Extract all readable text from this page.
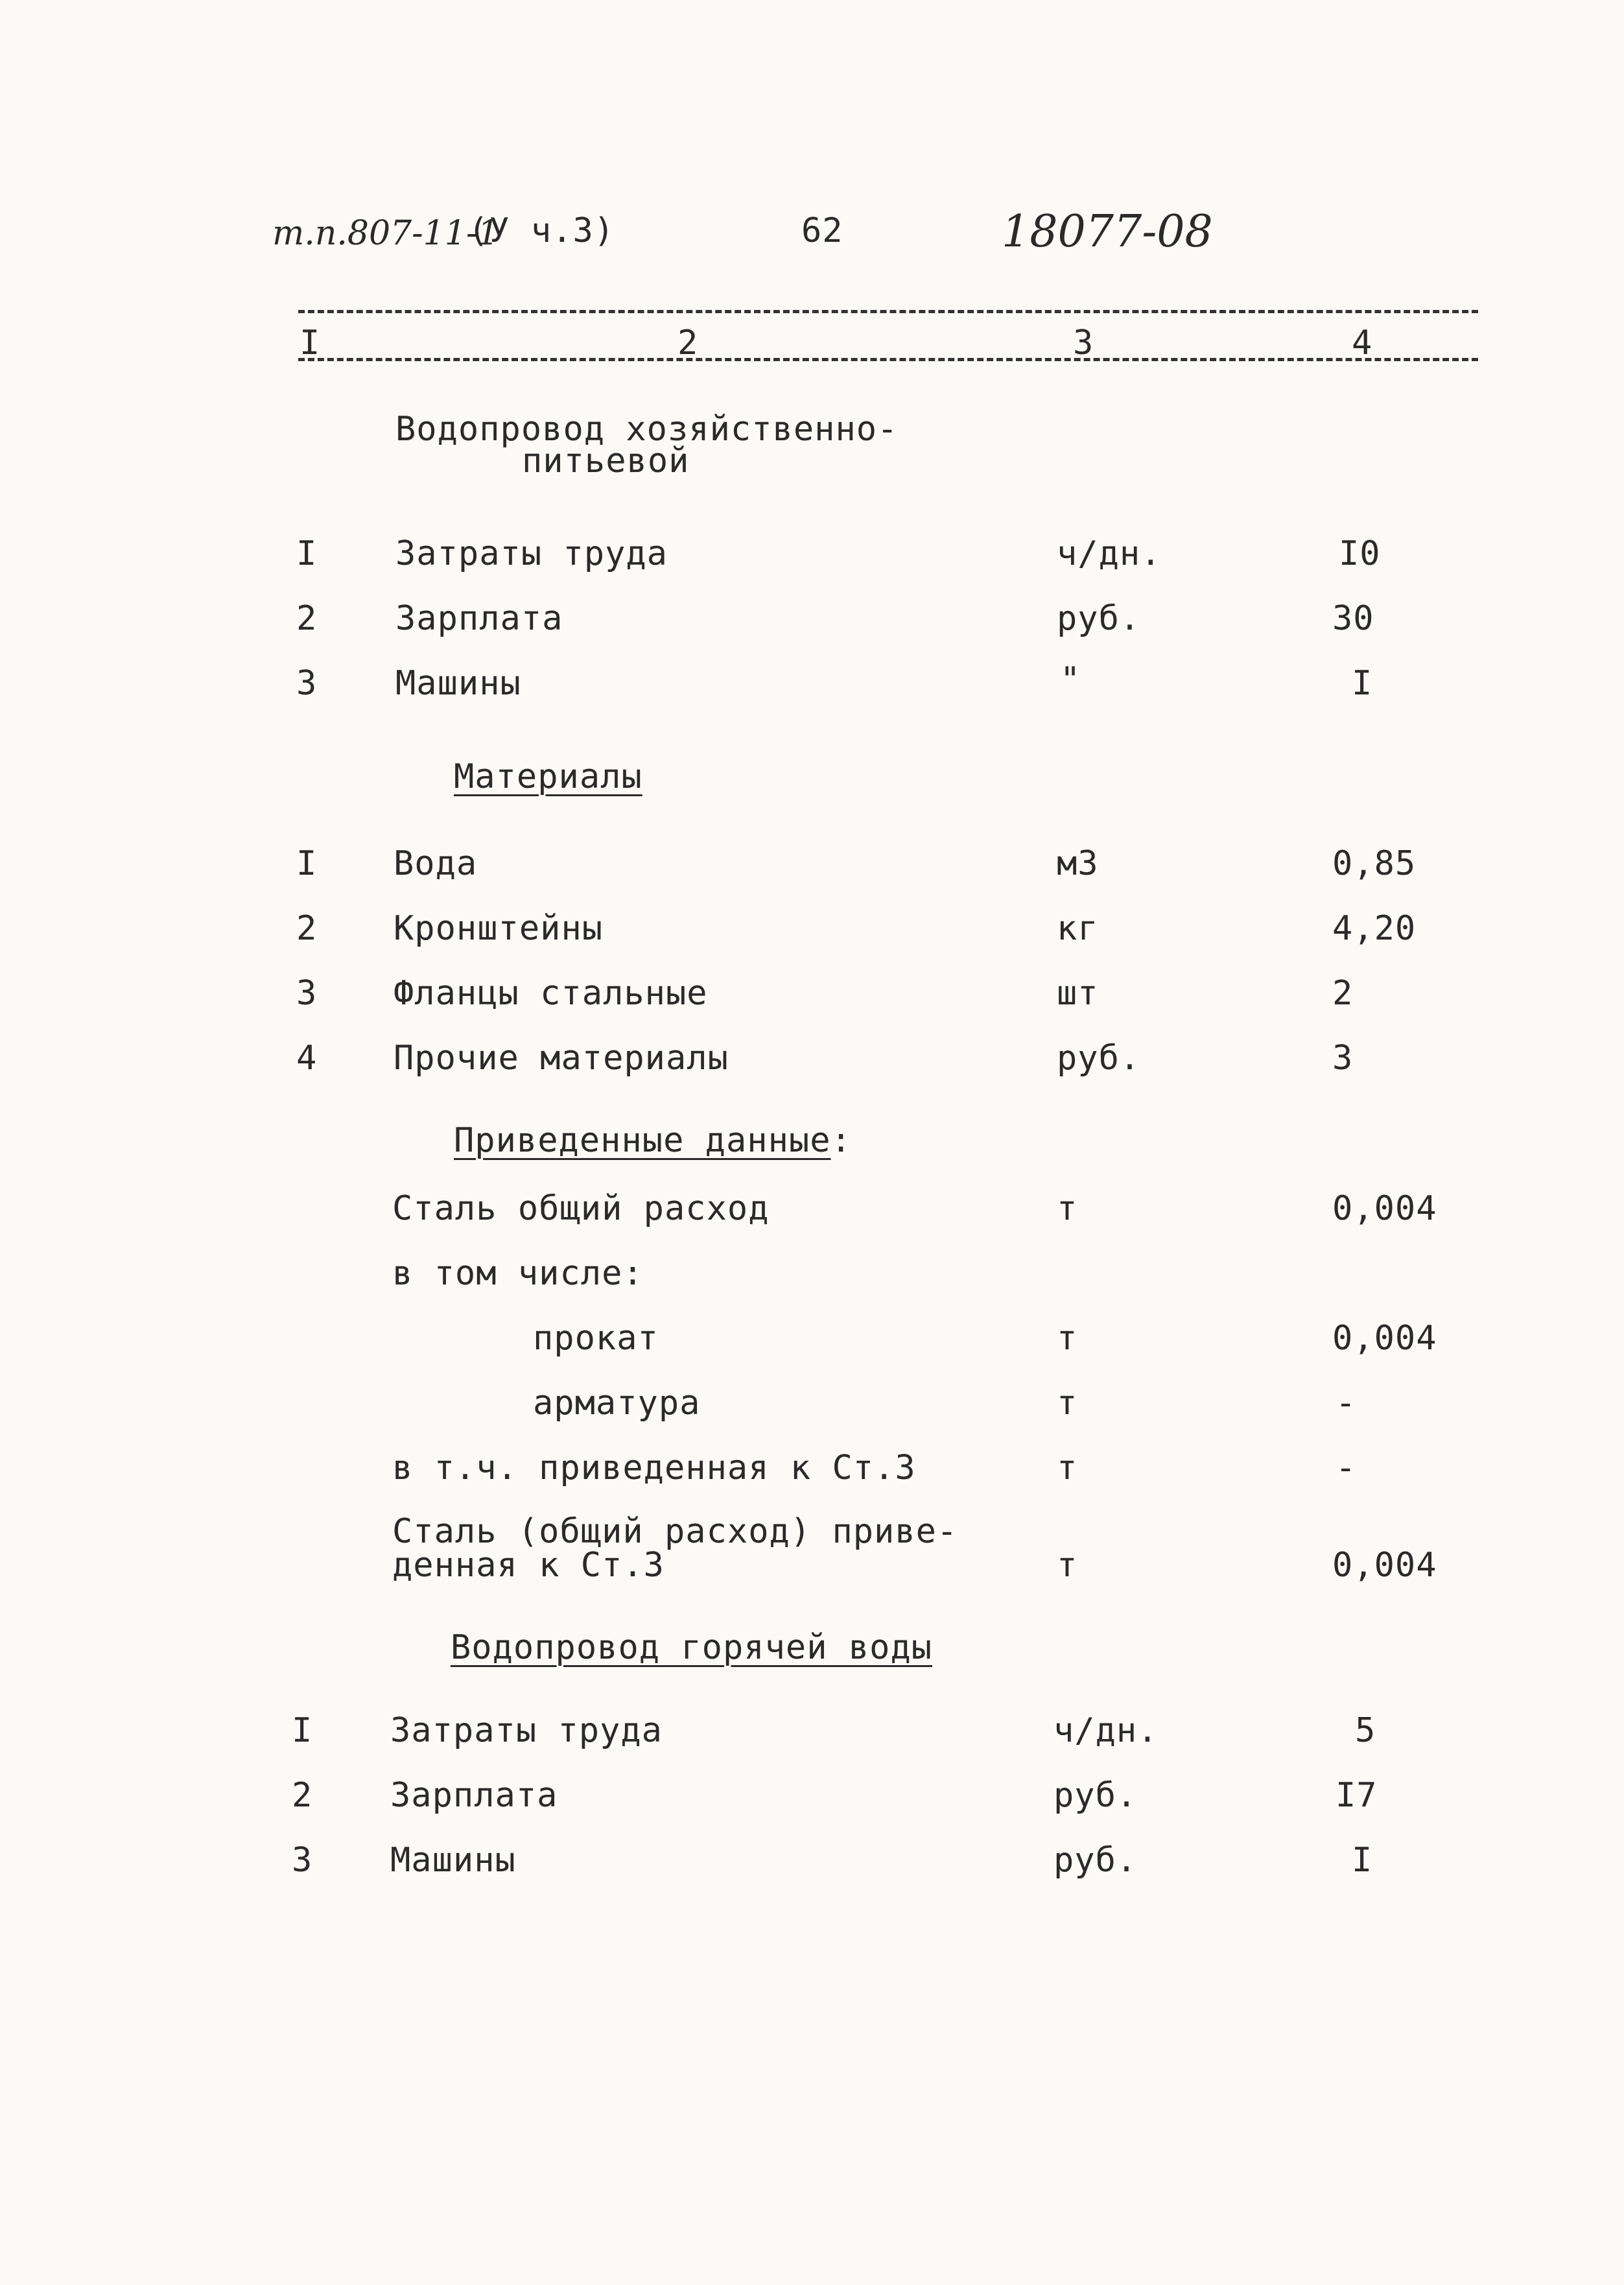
т.п.807-11-1
(У ч.3)	62	18077-08
I	2	3	4
Водопровод хозяйственно-
питьевой
I Затраты труда	ч/дн.	I0
2 Зарплата	руб.	30
3 Машины	"	I
Материалы
I Вода	м3	0,85
2 Кронштейны	кг	4,20
3 Фланцы стальные	шт	2
4 Прочие материалы	руб.	3
Приведенные данные:
Сталь общий расход	т	0,004
в том числе:
прокат	т	0,004
арматура	т	-
в т.ч. приведенная к Ст.3	т	-
Сталь (общий расход) приве-
денная к Ст.3	т	0,004
Водопровод горячей воды
I Затраты труда	ч/дн.	5
2 Зарплата	руб.	I7
3 Машины	руб.	I
